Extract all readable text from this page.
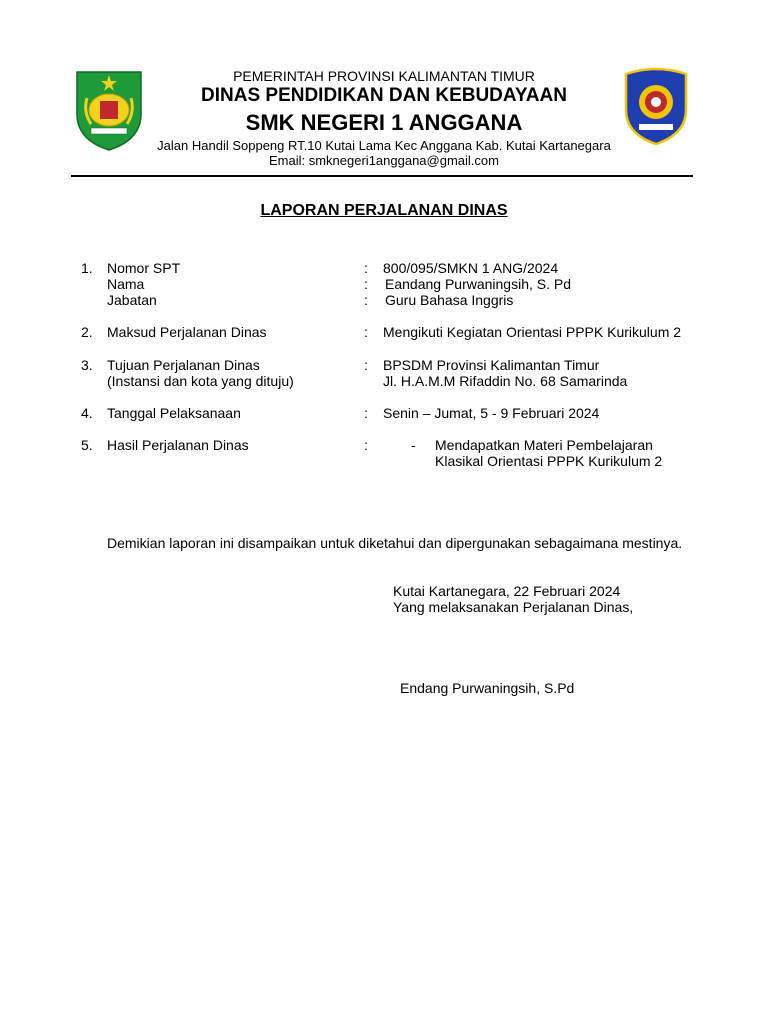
PEMERINTAH PROVINSI KALIMANTAN TIMUR
DINAS PENDIDIKAN DAN KEBUDAYAAN
SMK NEGERI 1 ANGGANA
Jalan Handil Soppeng RT.10 Kutai Lama Kec Anggana Kab. Kutai Kartanegara
Email: smknegeri1anggana@gmail.com
LAPORAN PERJALANAN DINAS
1. Nomor SPT	: 800/095/SMKN 1 ANG/2024
Nama	: Eandang Purwaningsih, S. Pd
Jabatan	: Guru Bahasa Inggris
2. Maksud Perjalanan Dinas	: Mengikuti Kegiatan Orientasi PPPK Kurikulum 2
3. Tujuan Perjalanan Dinas	: BPSDM Provinsi Kalimantan Timur
(Instansi dan kota yang dituju)	Jl. H.A.M.M Rifaddin No. 68 Samarinda
4. Tanggal Pelaksanaan	: Senin – Jumat, 5 - 9 Februari 2024
5. Hasil Perjalanan Dinas	:	- Mendapatkan Materi Pembelajaran
Klasikal Orientasi PPPK Kurikulum 2
Demikian laporan ini disampaikan untuk diketahui dan dipergunakan sebagaimana mestinya.
Kutai Kartanegara, 22 Februari 2024
Yang melaksanakan Perjalanan Dinas,
Endang Purwaningsih, S.Pd
